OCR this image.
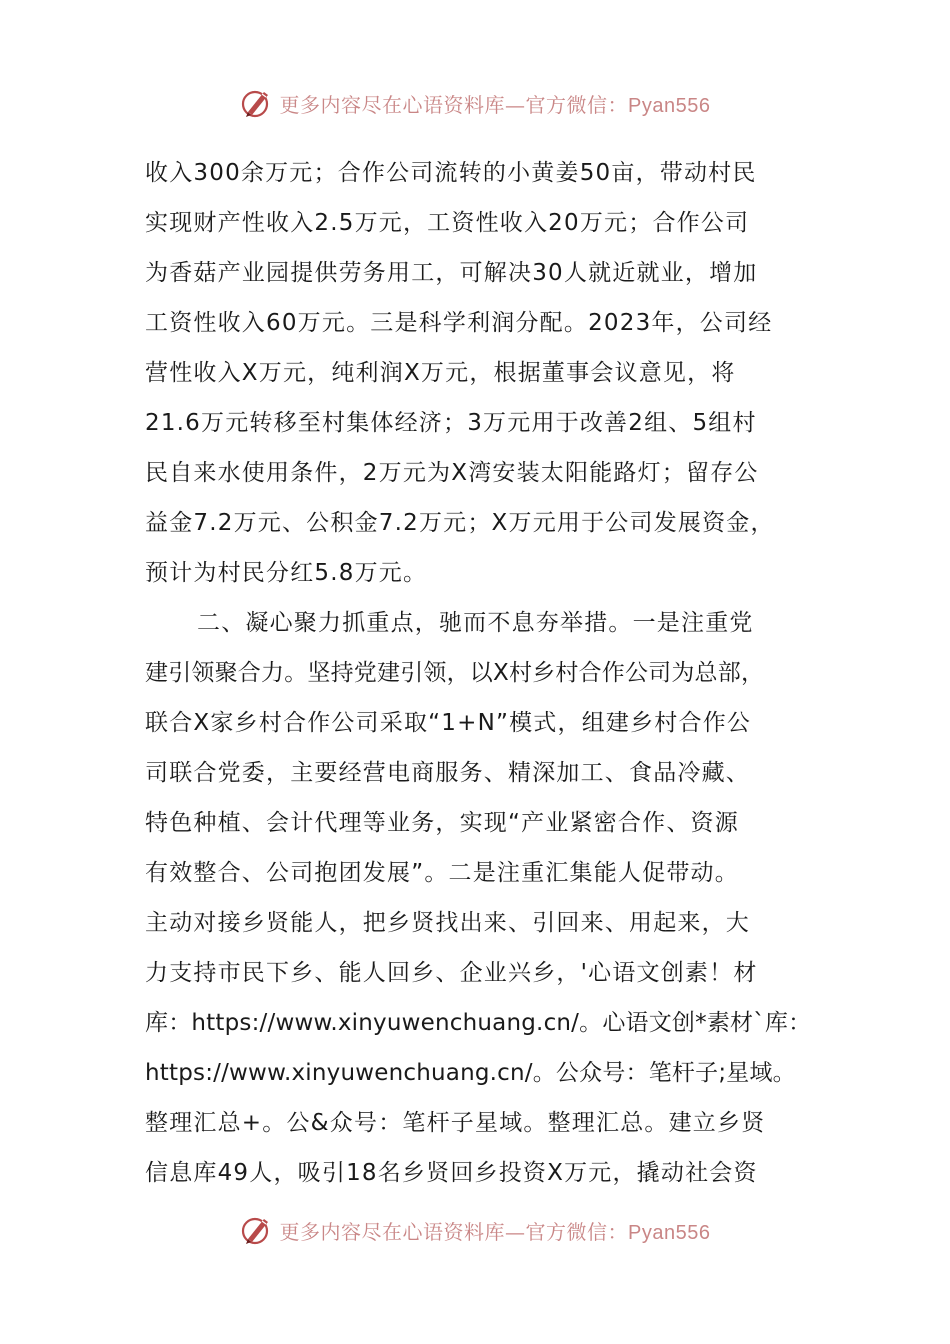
更多内容尽在心语资料库—官方微信：Pyan556
收入300余万元；合作公司流转的小黄姜50亩，带动村民
实现财产性收入2.5万元，工资性收入20万元；合作公司
为香菇产业园提供劳务用工，可解决30人就近就业，增加
工资性收入60万元。三是科学利润分配。2023年，公司经
营性收入X万元，纯利润X万元，根据董事会议意见，将
21.6万元转移至村集体经济；3万元用于改善2组、5组村
民自来水使用条件，2万元为X湾安装太阳能路灯；留存公
益金7.2万元、公积金7.2万元；X万元用于公司发展资金，
预计为村民分红5.8万元。
二、凝心聚力抓重点，驰而不息夯举措。一是注重党
建引领聚合力。坚持党建引领，以X村乡村合作公司为总部，
联合X家乡村合作公司采取“1+N”模式，组建乡村合作公
司联合党委，主要经营电商服务、精深加工、食品冷藏、
特色种植、会计代理等业务，实现“产业紧密合作、资源
有效整合、公司抱团发展”。二是注重汇集能人促带动。
主动对接乡贤能人，把乡贤找出来、引回来、用起来，大
力支持市民下乡、能人回乡、企业兴乡，'心语文创素！材
库：https://www.xinyuwenchuang.cn/。心语文创*素材`库：
https://www.xinyuwenchuang.cn/。公众号：笔杆子;星域。
整理汇总+。公&众号：笔杆子星域。整理汇总。建立乡贤
信息库49人，吸引18名乡贤回乡投资X万元，撬动社会资
更多内容尽在心语资料库—官方微信：Pyan556
